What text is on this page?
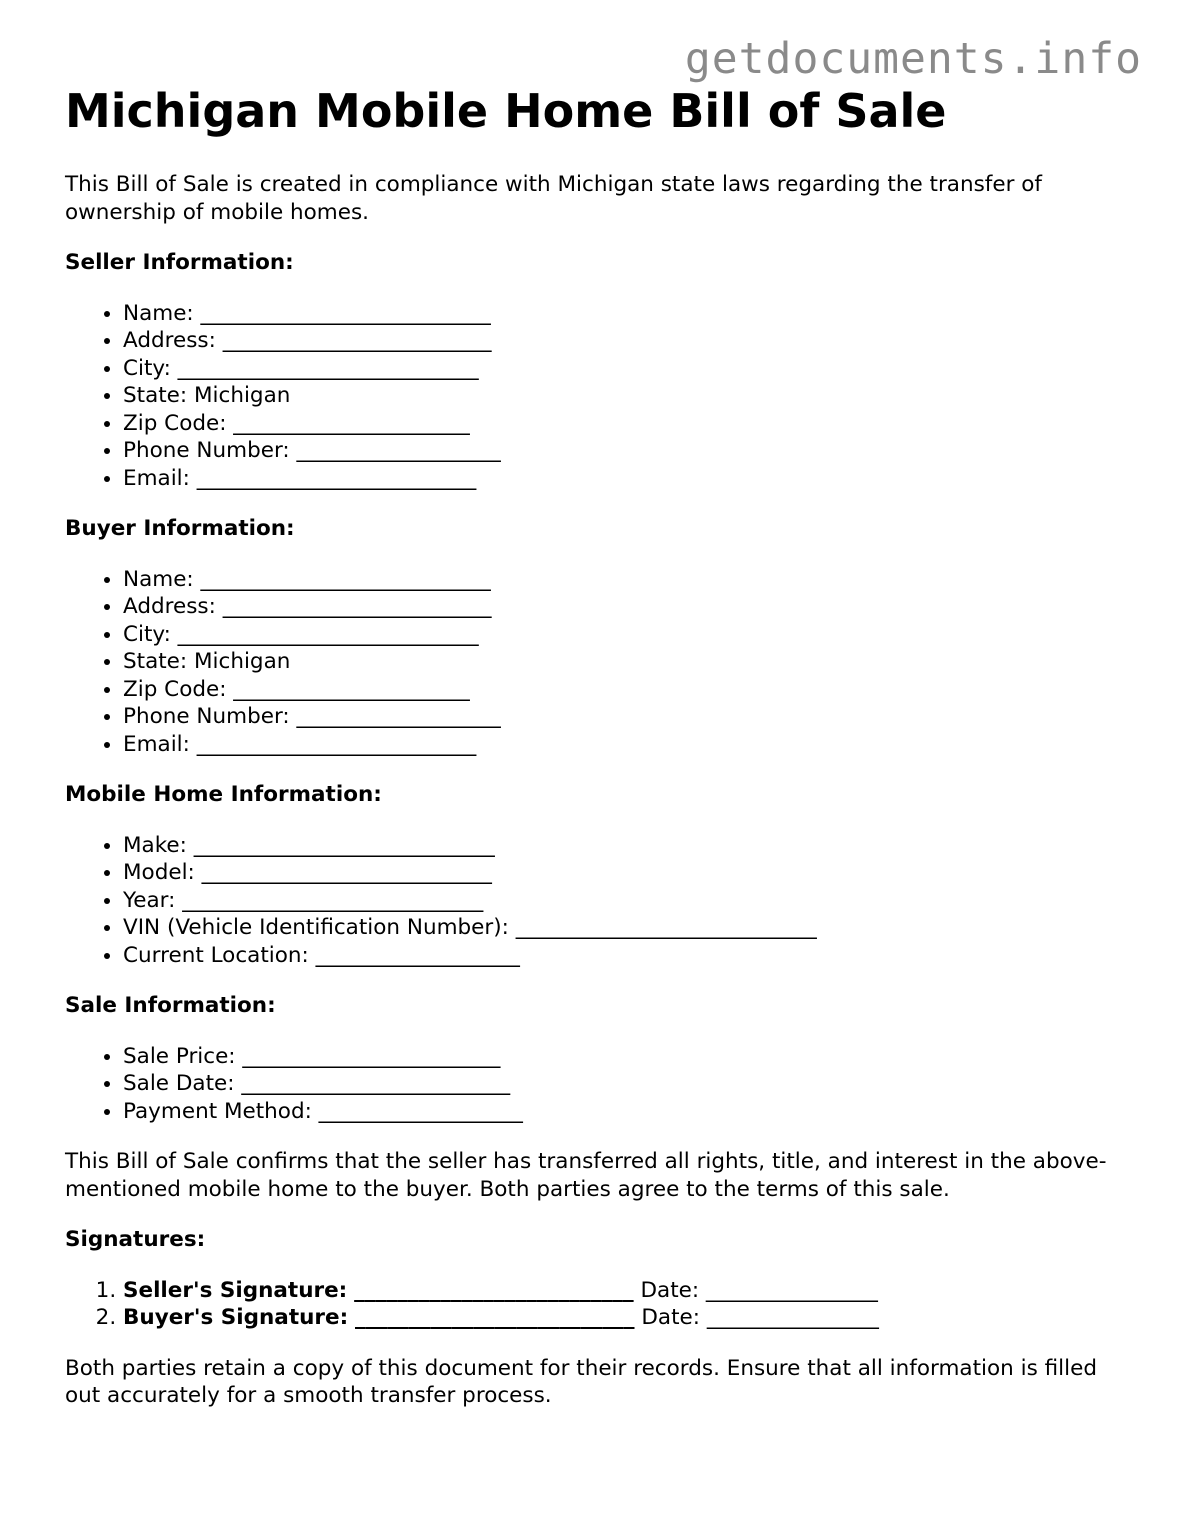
getdocuments.info
Michigan Mobile Home Bill of Sale

This Bill of Sale is created in compliance with Michigan state laws regarding the transfer of ownership of mobile homes.

Seller Information:
• Name: ___________________________
• Address: _________________________
• City: ____________________________
• State: Michigan
• Zip Code: ______________________
• Phone Number: ___________________
• Email: __________________________
Buyer Information:
• Name: ___________________________
• Address: _________________________
• City: ____________________________
• State: Michigan
• Zip Code: ______________________
• Phone Number: ___________________
• Email: __________________________
Mobile Home Information:
• Make: ____________________________
• Model: ___________________________
• Year: ____________________________
• VIN (Vehicle Identification Number): ____________________________
• Current Location: ___________________
Sale Information:
• Sale Price: ________________________
• Sale Date: _________________________
• Payment Method: ___________________

This Bill of Sale confirms that the seller has transferred all rights, title, and interest in the above-mentioned mobile home to the buyer. Both parties agree to the terms of this sale.

Signatures:
1. Seller's Signature: __________________________ Date: ________________
2. Buyer's Signature: __________________________ Date: ________________

Both parties retain a copy of this document for their records. Ensure that all information is filled out accurately for a smooth transfer process.
